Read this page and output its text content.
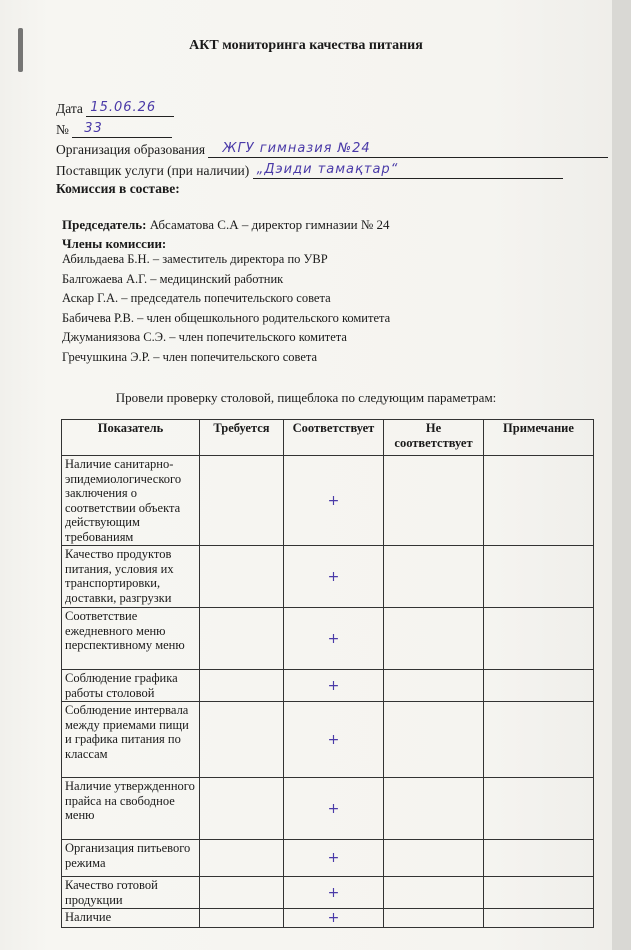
АКТ мониторинга качества питания
Дата 15.06.26
№ 33
Организация образования ЖГУ гимназия №24
Поставщик услуги (при наличии) „Дэиди тамақтар“
Комиссия в составе:
Председатель: Абсаматова С.А – директор гимназии № 24
Члены комиссии:
Абильдаева Б.Н. – заместитель директора по УВР
Балгожаева А.Г. – медицинский работник
Аскар Г.А. – председатель попечительского совета
Бабичева Р.В. – член общешкольного родительского комитета
Джуманиязова С.Э. – член попечительского комитета
Гречушкина Э.Р. – член попечительского совета
Провели проверку столовой, пищеблока по следующим параметрам:
Показатель	Требуется	Соответствует	Не соответствует	Примечание
Наличие санитарно-эпидемиологического заключения о соответствии объекта действующим требованиям		+		
Качество продуктов питания, условия их транспортировки, доставки, разгрузки		+		
Соответствие ежедневного меню перспективному меню		+		
Соблюдение графика работы столовой		+		
Соблюдение интервала между приемами пищи и графика питания по классам		+		
Наличие утвержденного прайса на свободное меню		+		
Организация питьевого режима		+		
Качество готовой продукции		+		
Наличие		+		
